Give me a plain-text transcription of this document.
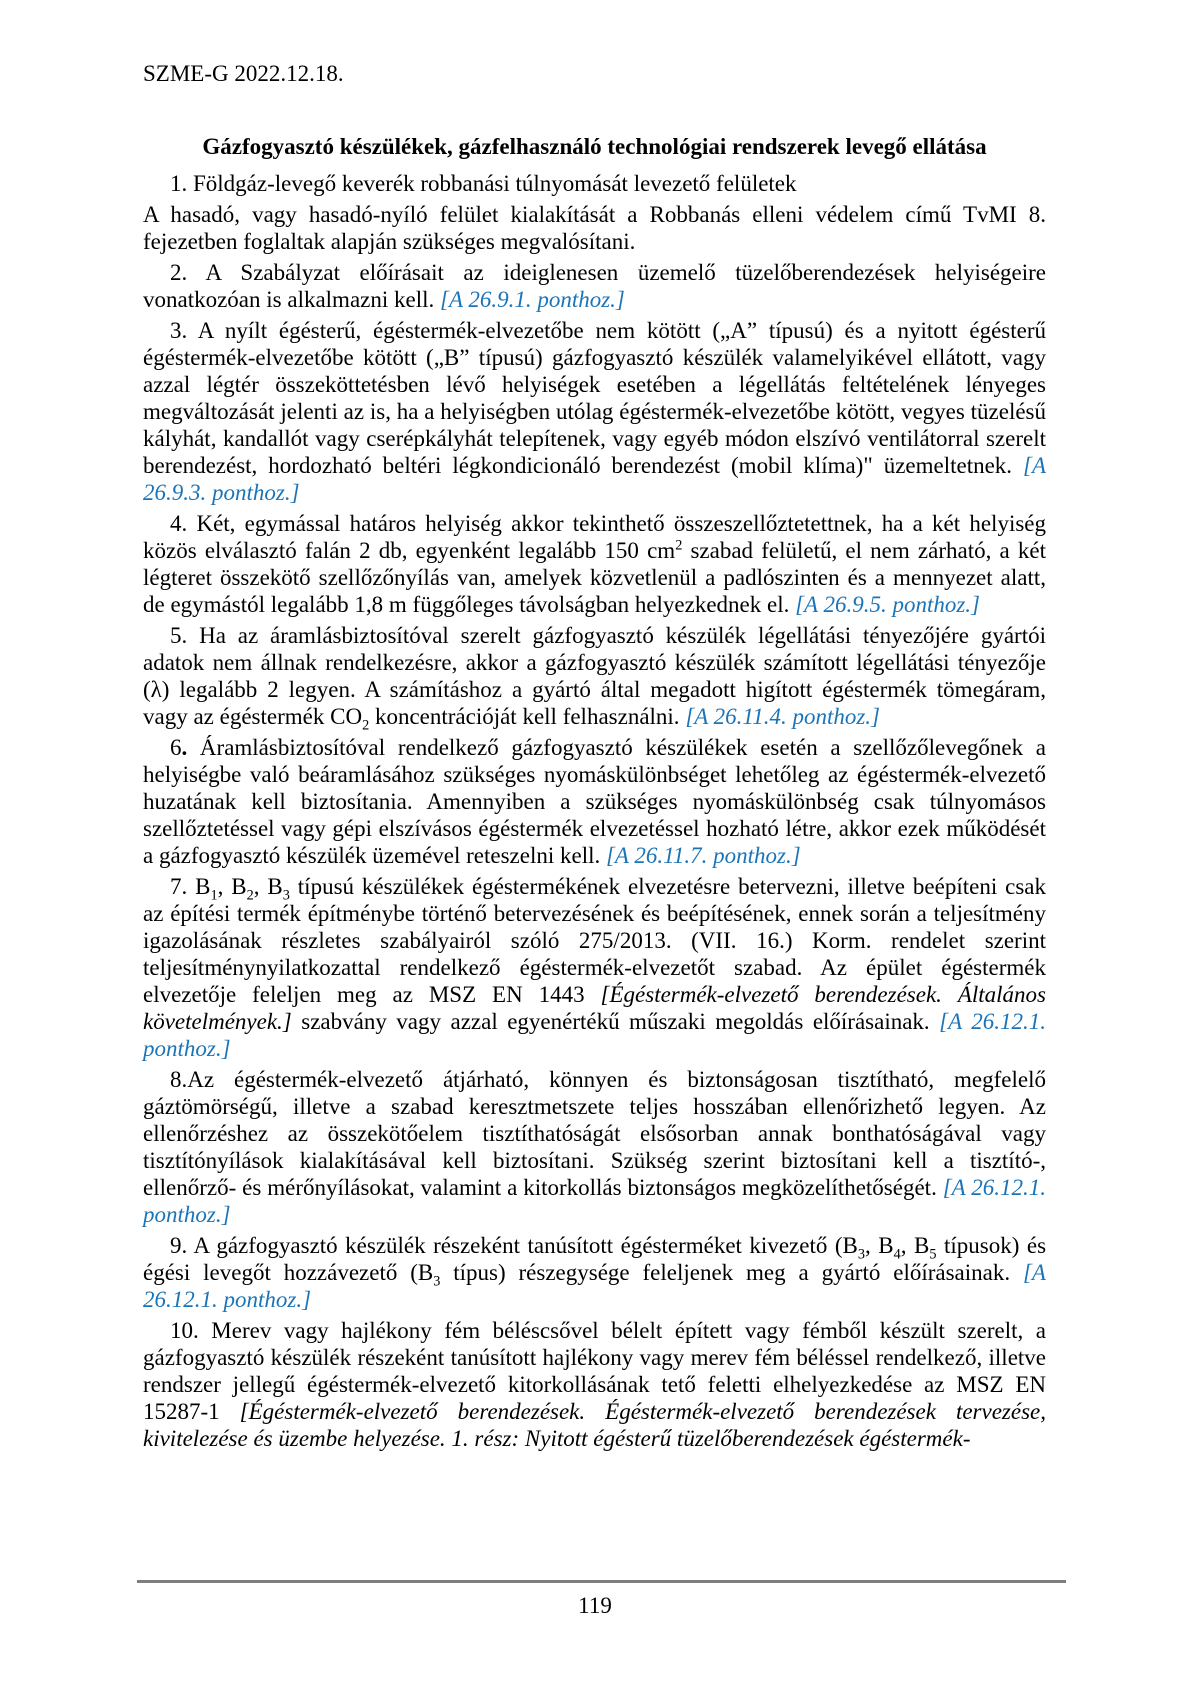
SZME-G 2022.12.18.
Gázfogyasztó készülékek, gázfelhasználó technológiai rendszerek levegő ellátása

1. Földgáz-levegő keverék robbanási túlnyomását levezető felületek

A hasadó, vagy hasadó-nyíló felület kialakítását a Robbanás elleni védelem című TvMI 8. fejezetben foglaltak alapján szükséges megvalósítani.

2. A Szabályzat előírásait az ideiglenesen üzemelő tüzelőberendezések helyiségeire vonatkozóan is alkalmazni kell. [A 26.9.1. ponthoz.]

3. A nyílt égésterű, égéstermék-elvezetőbe nem kötött („A” típusú) és a nyitott égésterű égéstermék-elvezetőbe kötött („B” típusú) gázfogyasztó készülék valamelyikével ellátott, vagy azzal légtér összeköttetésben lévő helyiségek esetében a légellátás feltételének lényeges megváltozását jelenti az is, ha a helyiségben utólag égéstermék-elvezetőbe kötött, vegyes tüzelésű kályhát, kandallót vagy cserépkályhát telepítenek, vagy egyéb módon elszívó ventilátorral szerelt berendezést, hordozható beltéri légkondicionáló berendezést (mobil klíma)" üzemeltetnek. [A 26.9.3. ponthoz.]

4. Két, egymással határos helyiség akkor tekinthető összeszellőztetettnek, ha a két helyiség közös elválasztó falán 2 db, egyenként legalább 150 $cm^2$ szabad felületű, el nem zárható, a két légteret összekötő szellőzőnyílás van, amelyek közvetlenül a padlószinten és a mennyezet alatt, de egymástól legalább 1,8 m függőleges távolságban helyezkednek el. [A 26.9.5. ponthoz.]

5. Ha az áramlásbiztosítóval szerelt gázfogyasztó készülék légellátási tényezőjére gyártói adatok nem állnak rendelkezésre, akkor a gázfogyasztó készülék számított légellátási tényezője (λ) legalább 2 legyen. A számításhoz a gyártó által megadott higított égéstermék tömegáram, vagy az égéstermék $CO_2$ koncentrációját kell felhasználni. [A 26.11.4. ponthoz.]

6. Áramlásbiztosítóval rendelkező gázfogyasztó készülékek esetén a szellőzőlevegőnek a helyiségbe való beáramlásához szükséges nyomáskülönbséget lehetőleg az égéstermék-elvezető huzatának kell biztosítania. Amennyiben a szükséges nyomáskülönbség csak túlnyomásos szellőztetéssel vagy gépi elszívásos égéstermék elvezetéssel hozható létre, akkor ezek működését a gázfogyasztó készülék üzemével reteszelni kell. [A 26.11.7. ponthoz.]

7. $B_1$, $B_2$, $B_3$ típusú készülékek égéstermékének elvezetésre betervezni, illetve beépíteni csak az építési termék építménybe történő betervezésének és beépítésének, ennek során a teljesítmény igazolásának részletes szabályairól szóló 275/2013. (VII. 16.) Korm. rendelet szerint teljesítménynyilatkozattal rendelkező égéstermék-elvezetőt szabad. Az épület égéstermék elvezetője feleljen meg az MSZ EN 1443 [Égéstermék-elvezető berendezések. Általános követelmények.] szabvány vagy azzal egyenértékű műszaki megoldás előírásainak. [A 26.12.1. ponthoz.]

8.Az égéstermék-elvezető átjárható, könnyen és biztonságosan tisztítható, megfelelő gáztömörségű, illetve a szabad keresztmetszete teljes hosszában ellenőrizhető legyen. Az ellenőrzéshez az összekötőelem tisztíthatóságát elsősorban annak bonthatóságával vagy tisztítónyílások kialakításával kell biztosítani. Szükség szerint biztosítani kell a tisztító-, ellenőrző- és mérőnyílásokat, valamint a kitorkollás biztonságos megközelíthetőségét. [A 26.12.1. ponthoz.]

9. A gázfogyasztó készülék részeként tanúsított égésterméket kivezető ($B_3$, $B_4$, $B_5$ típusok) és égési levegőt hozzávezető ($B_3$ típus) részegysége feleljenek meg a gyártó előírásainak. [A 26.12.1. ponthoz.]

10. Merev vagy hajlékony fém béléscsővel bélelt épített vagy fémből készült szerelt, a gázfogyasztó készülék részeként tanúsított hajlékony vagy merev fém béléssel rendelkező, illetve rendszer jellegű égéstermék-elvezető kitorkollásának tető feletti elhelyezkedése az MSZ EN 15287-1 [Égéstermék-elvezető berendezések. Égéstermék-elvezető berendezések tervezése, kivitelezése és üzembe helyezése. 1. rész: Nyitott égésterű tüzelőberendezések égéstermék-

119
